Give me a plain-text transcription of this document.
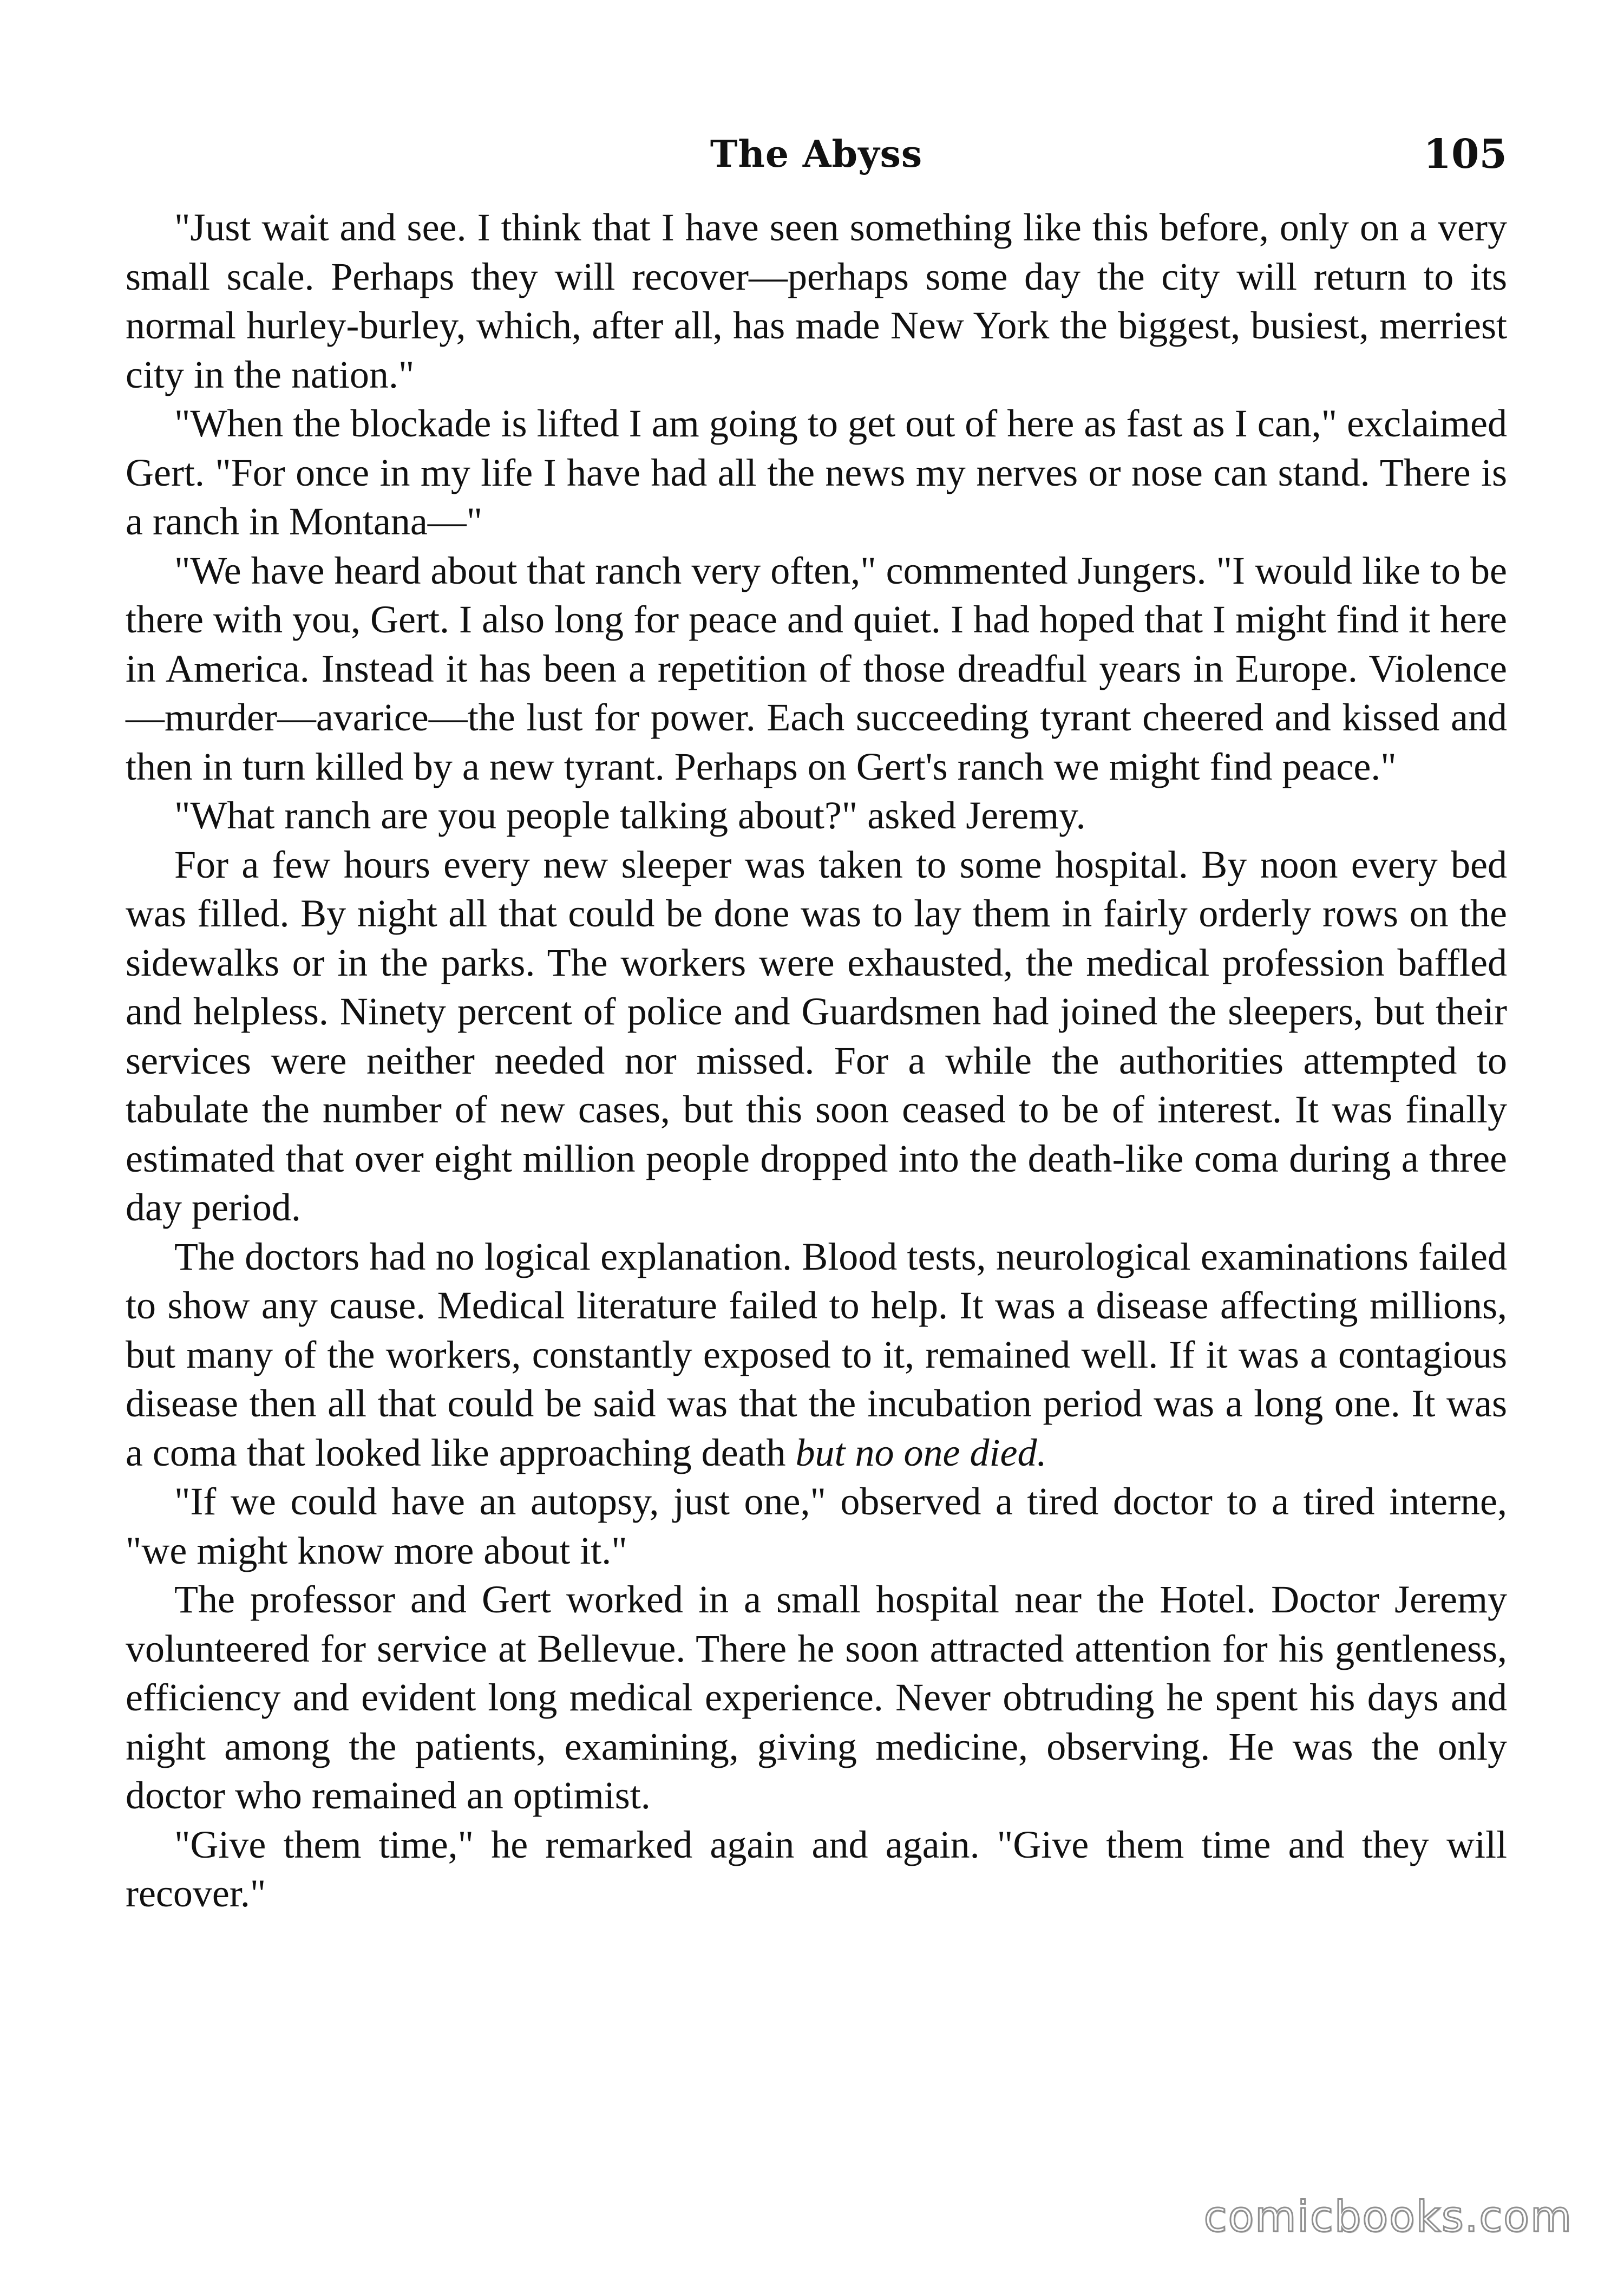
The Abyss	105

"Just wait and see. I think that I have seen something like this before, only on a very small scale. Perhaps they will recover—perhaps some day the city will return to its normal hurley-burley, which, after all, has made New York the biggest, busiest, merriest city in the nation."

"When the blockade is lifted I am going to get out of here as fast as I can," exclaimed Gert. "For once in my life I have had all the news my nerves or nose can stand. There is a ranch in Montana—"

"We have heard about that ranch very often," commented Jungers. "I would like to be there with you, Gert. I also long for peace and quiet. I had hoped that I might find it here in America. Instead it has been a repetition of those dreadful years in Europe. Violence—murder—avarice—the lust for power. Each succeeding tyrant cheered and kissed and then in turn killed by a new tyrant. Perhaps on Gert's ranch we might find peace."

"What ranch are you people talking about?" asked Jeremy.

For a few hours every new sleeper was taken to some hospital. By noon every bed was filled. By night all that could be done was to lay them in fairly orderly rows on the sidewalks or in the parks. The workers were exhausted, the medical profession baffled and helpless. Ninety percent of police and Guardsmen had joined the sleepers, but their services were neither needed nor missed. For a while the authorities attempted to tabulate the number of new cases, but this soon ceased to be of interest. It was finally estimated that over eight million people dropped into the death-like coma during a three day period.

The doctors had no logical explanation. Blood tests, neurological examinations failed to show any cause. Medical literature failed to help. It was a disease affecting millions, but many of the workers, constantly exposed to it, remained well. If it was a contagious disease then all that could be said was that the incubation period was a long one. It was a coma that looked like approaching death but no one died.

"If we could have an autopsy, just one," observed a tired doctor to a tired interne, "we might know more about it."

The professor and Gert worked in a small hospital near the Hotel. Doctor Jeremy volunteered for service at Bellevue. There he soon attracted attention for his gentleness, efficiency and evident long medical experience. Never obtruding he spent his days and night among the patients, examining, giving medicine, observing. He was the only doctor who remained an optimist.

"Give them time," he remarked again and again. "Give them time and they will recover."

comicbooks.com
